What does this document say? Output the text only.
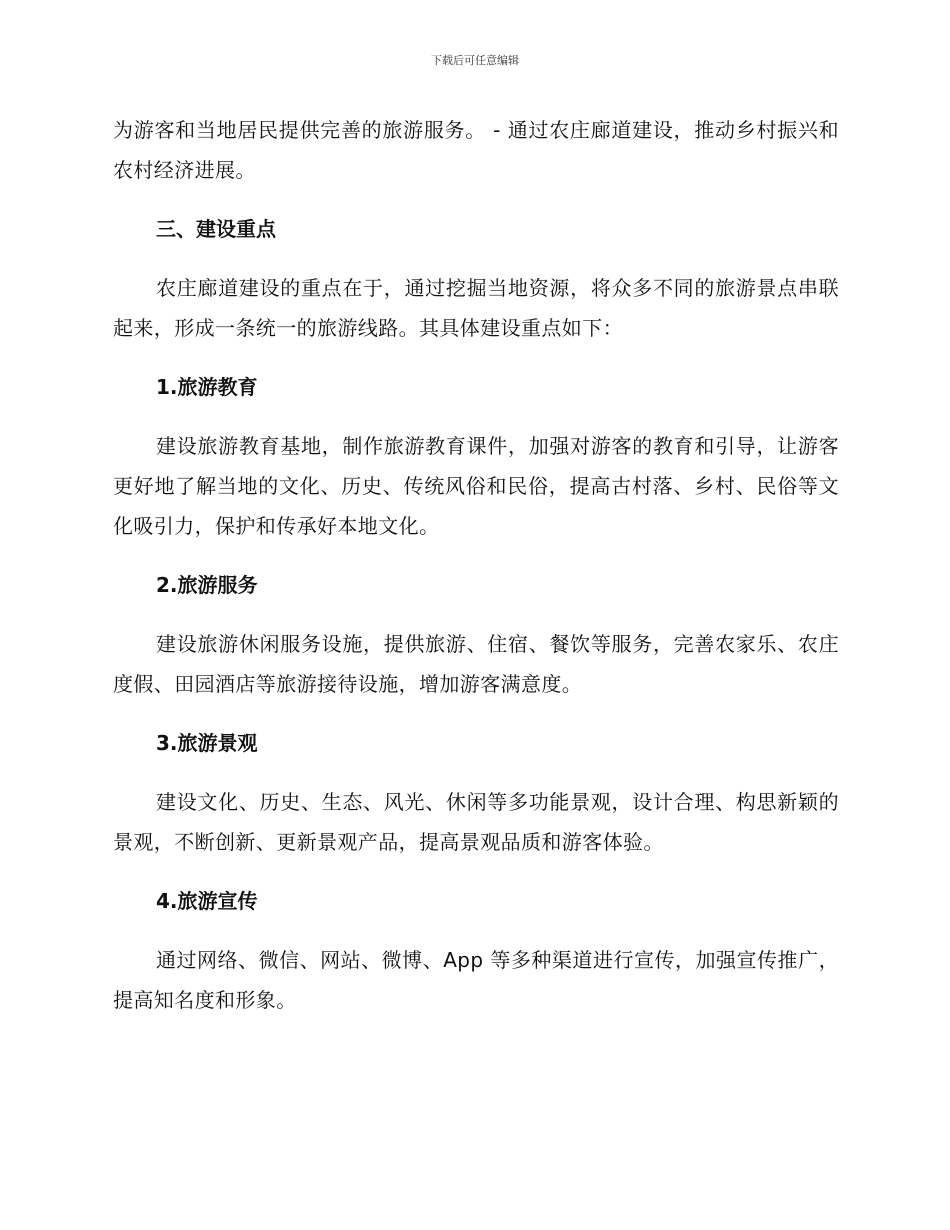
下载后可任意编辑

为游客和当地居民提供完善的旅游服务。 - 通过农庄廊道建设，推动乡村振兴和农村经济进展。

三、建设重点

农庄廊道建设的重点在于，通过挖掘当地资源，将众多不同的旅游景点串联起来，形成一条统一的旅游线路。其具体建设重点如下：

1.旅游教育

建设旅游教育基地，制作旅游教育课件，加强对游客的教育和引导，让游客更好地了解当地的文化、历史、传统风俗和民俗，提高古村落、乡村、民俗等文化吸引力，保护和传承好本地文化。

2.旅游服务

建设旅游休闲服务设施，提供旅游、住宿、餐饮等服务，完善农家乐、农庄度假、田园酒店等旅游接待设施，增加游客满意度。

3.旅游景观

建设文化、历史、生态、风光、休闲等多功能景观，设计合理、构思新颖的景观，不断创新、更新景观产品，提高景观品质和游客体验。

4.旅游宣传

通过网络、微信、网站、微博、App 等多种渠道进行宣传，加强宣传推广，提高知名度和形象。
